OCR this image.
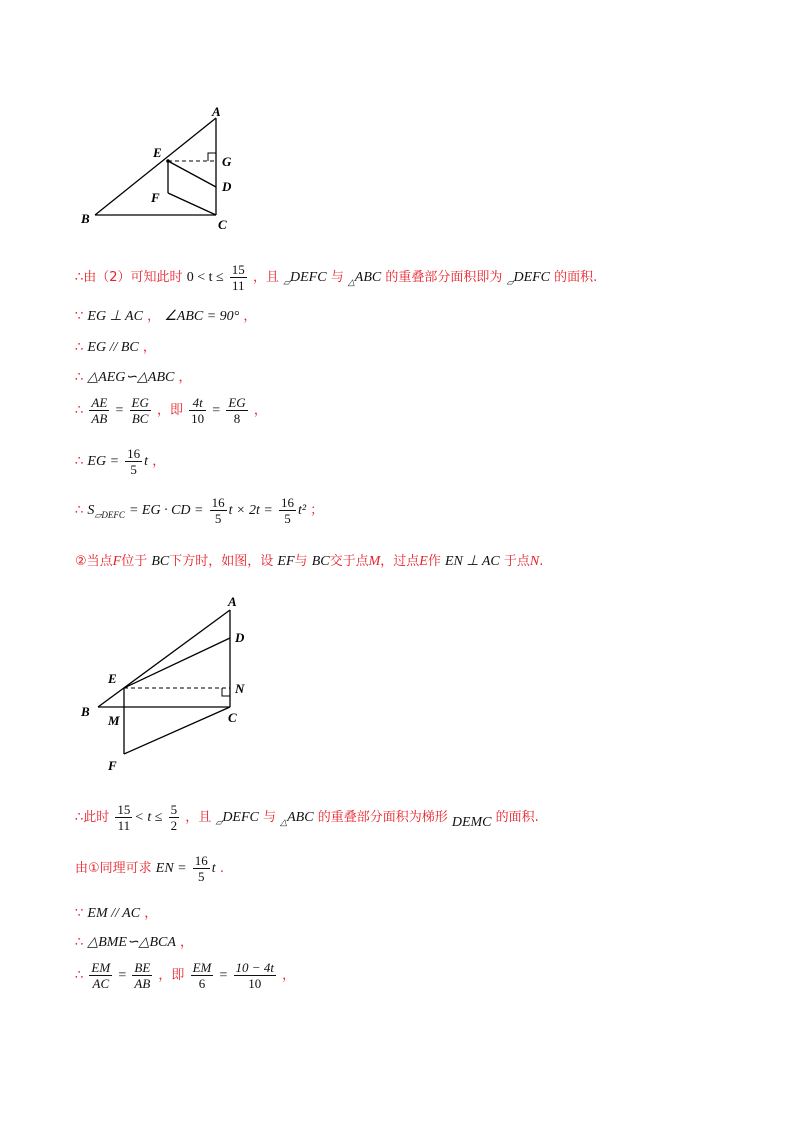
A
E
G
D
F
B	C
∴由（2）可知此时 $0 < t \le \frac{15}{11}$ ，且 $_▱$DEFC 与 $_\triangle$ABC 的重叠部分面积即为 $_▱$DEFC 的面积.
∵ EG ⊥ AC ， ∠ABC = 90° ，
∴ EG // BC ，
∴ △AEG∽△ABC ，
∴ $\frac{AE}{AB} = \frac{EG}{BC}$ ，即 $\frac{4t}{10} = \frac{EG}{8}$ ，
∴ EG = $\frac{16}{5}$ t ，
∴ $S_{▱DEFC}$ = EG · CD = $\frac{16}{5}$ $t \times 2t = \frac{16}{5} t^2$ ；
②当点F位于 BC下方时，如图，设 EF与 BC交于点M，过点E作 EN ⊥ AC 于点N.
A
D
E
N
B
M	C
F
∴此时 $\frac{15}{11} < t \le \frac{5}{2}$ ，且 $_▱$DEFC 与 $_\triangle$ABC 的重叠部分面积为梯形 DEMC 的面积.
由①同理可求 EN = $\frac{16}{5}$ t .
∵ EM // AC ，
∴ △BME∽△BCA ，
∴ $\frac{EM}{AC} = \frac{BE}{AB}$ ，即 $\frac{EM}{6} = \frac{10 - 4t}{10}$ ，
